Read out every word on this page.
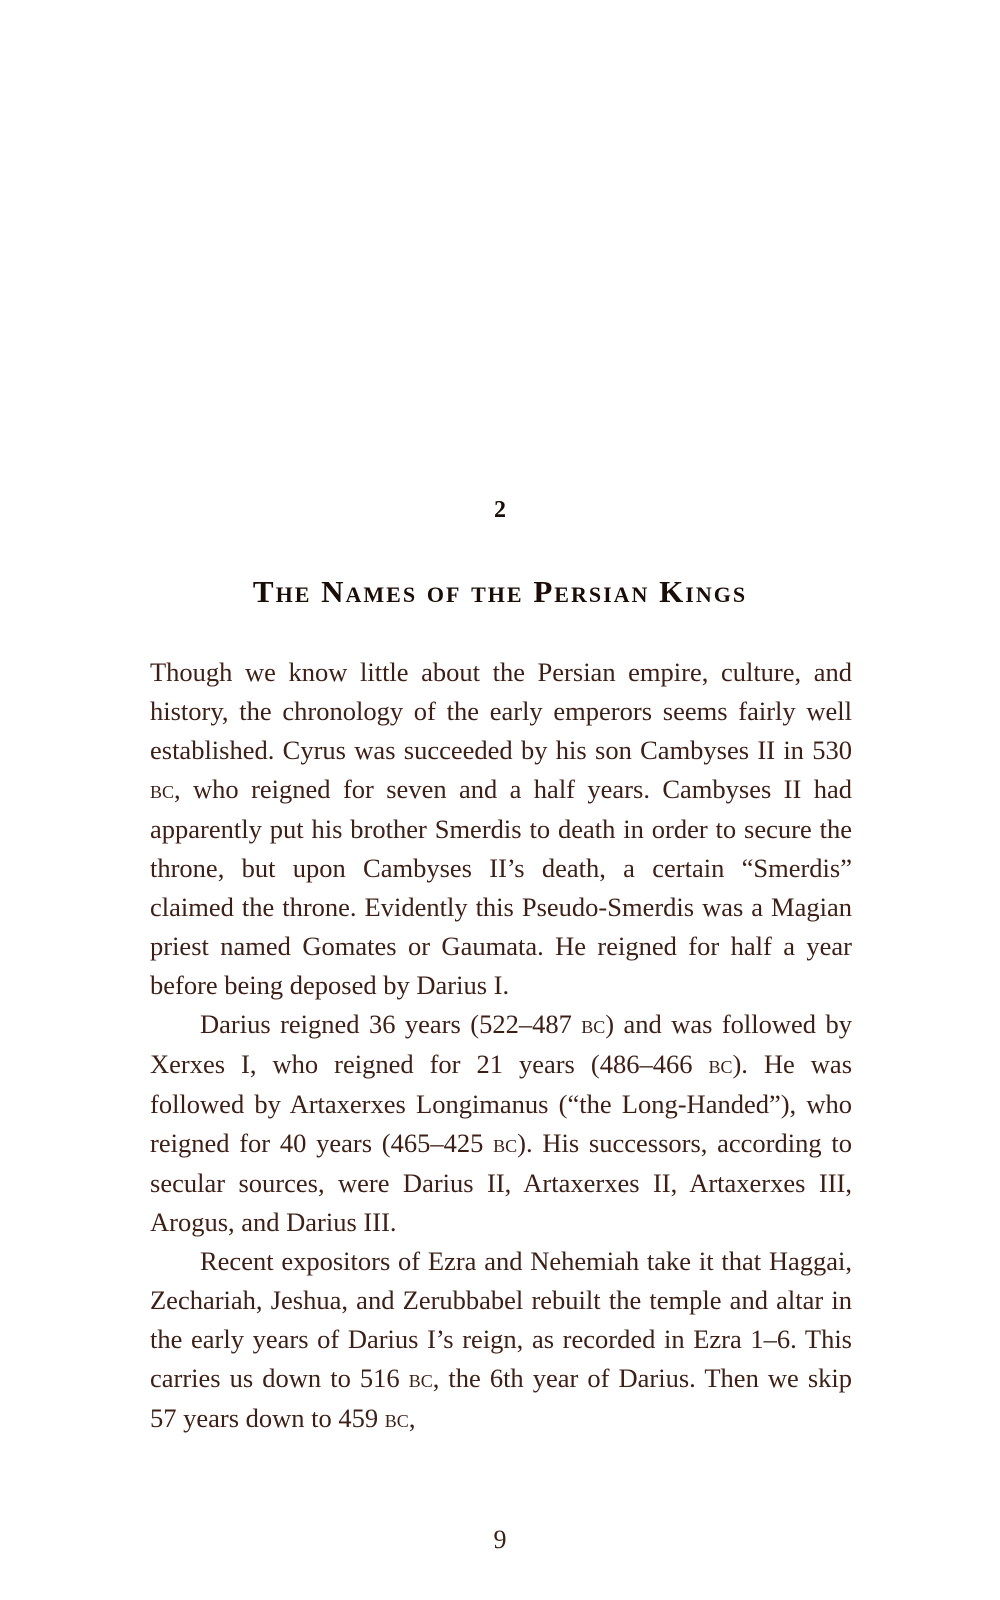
2
The Names of the Persian Kings

Though we know little about the Persian empire, culture, and history, the chronology of the early emperors seems fairly well established. Cyrus was succeeded by his son Cambyses II in 530 bc, who reigned for seven and a half years. Cambyses II had apparently put his brother Smerdis to death in order to secure the throne, but upon Cambyses II’s death, a certain “Smerdis” claimed the throne. Evidently this Pseudo-Smerdis was a Magian priest named Gomates or Gaumata. He reigned for half a year before being deposed by Darius I.

Darius reigned 36 years (522–487 bc) and was followed by Xerxes I, who reigned for 21 years (486–466 bc). He was followed by Artaxerxes Longimanus (“the Long-Handed”), who reigned for 40 years (465–425 bc). His successors, according to secular sources, were Darius II, Artaxerxes II, Artaxerxes III, Arogus, and Darius III.

Recent expositors of Ezra and Nehemiah take it that Haggai, Zechariah, Jeshua, and Zerubbabel rebuilt the temple and altar in the early years of Darius I’s reign, as recorded in Ezra 1–6. This carries us down to 516 bc, the 6th year of Darius. Then we skip 57 years down to 459 bc,

9
